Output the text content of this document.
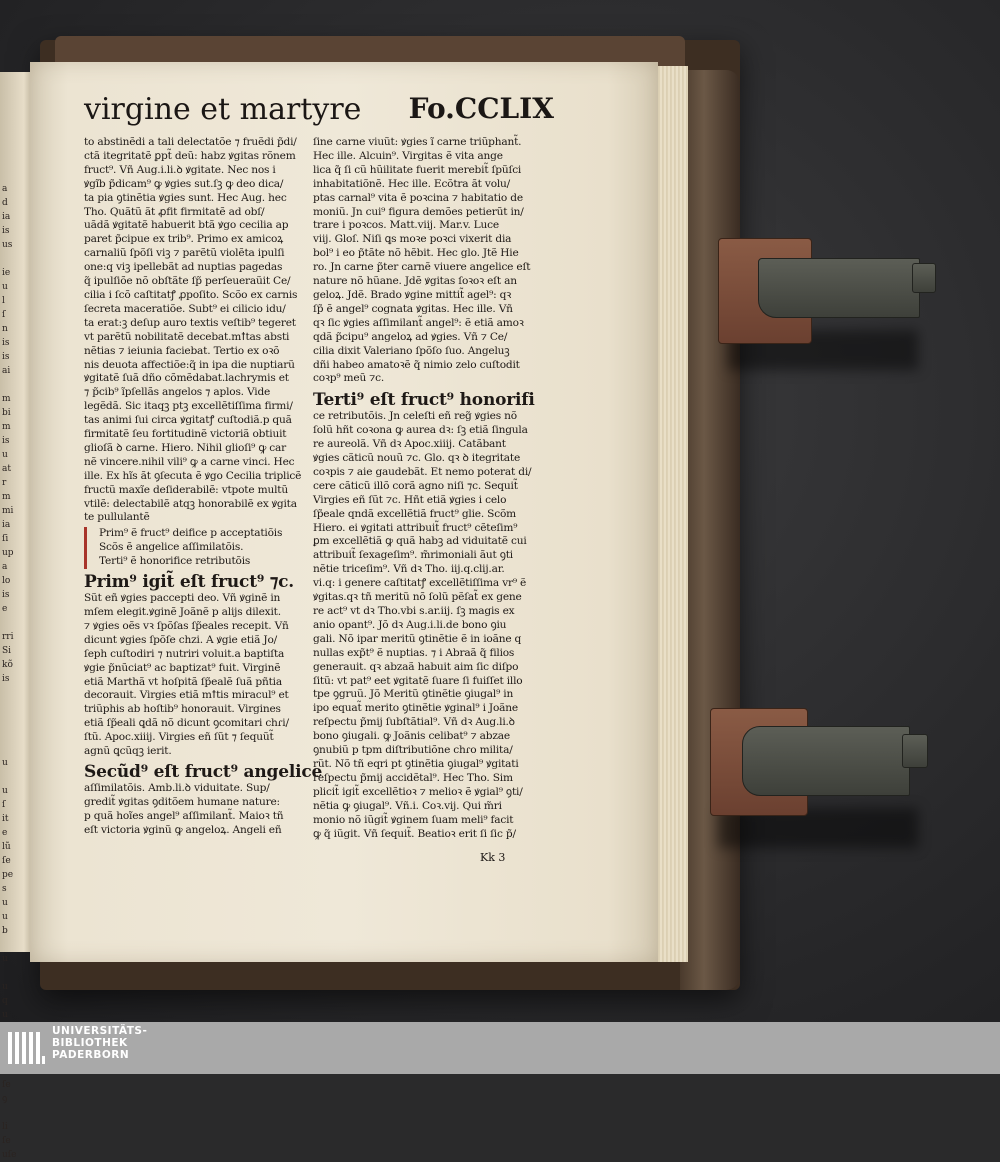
a
d
ia
is
us

ie
u
l
ſ
n
is
is
ai

m
bi
m
is
u
at
r
m
mi
ia
ſi
up
a
lo
is
e

rri
Si
kõ
is

u

u
ſ
it
e
lũ
ſe
pe
s
u
u
b

u

u
q
u

ſe
ꝯ

li
ſe
uſe
virgine et martyre Fo.CCLIX
to abstinẽdi a tali delectatõe ⁊ fruẽdi p̃di/
ctã itegritatẽ ꝑpt̃ deũ: habz ꝟgitas rõnem
fruct⁹. Vñ Aug.i.li.ꝺ ꝟgitate. Nec nos i
ꝟgĩb p̃dicam⁹ ꝙ ꝟgies sut.ſꝫ ꝙ deo dica/
ta pia ꝯtinẽtia ꝟgies sunt. Hec Aug. hec
Tho. Quãtũ ãt ꝓfit firmitatẽ ad obſ/
uãdã ꝟgitatẽ habuerit btã ꝟgo cecilia ap
paret p̃cipue ex trib⁹. Primo ex amicoꝝ
carnaliũ ſpõſi viꝫ ⁊ parẽtũ violẽta ipulſi
one:q viꝫ ipellebãt ad nuptias pagedas
q̃ ipulſiõe nõ obſtãte ſp̃ perſeueraũit Ce/
cilia i ſcõ caſtitatꝭ ꝓpoſito. Scõo ex carnis
ſecreta maceratiõe. Subt⁹ ei cilicio idu/
ta erat:ꝫ deſup auro textis veſtib⁹ tegeret
vt parẽtũ nobilitatẽ decebat.mꝉtas absti
nẽtias ⁊ ieiunia faciebat. Tertio ex oꝛõ
nis deuota affectiõe:q̃ in ipa die nuptiarũ
ꝟgitatẽ ſuã dño cõmẽdabat.lachrymis et
⁊ p̃cib⁹ ĩpſellãs angelos ⁊ aplos. Vide
legẽdã. Sic itaqꝫ ptꝫ excellẽtiſſima firmi/
tas animi ſui circa ꝟgitatꝭ cuſtodiã.p quã
firmitatẽ ſeu fortitudinẽ victoriã obtiuit
glioſã ꝺ carne. Hiero. Nihil glioſi⁹ ꝙ car
nẽ vincere.nihil vili⁹ ꝙ a carne vinci. Hec
ille. Ex hĩs ãt ꝯſecuta ẽ ꝟgo Cecilia triplicẽ
fructũ maxĩe deſiderabilẽ: vtpote multũ
vtilẽ: delectabilẽ atqꝫ honorabilẽ ex ꝟgita
te pullulantẽ
Prim⁹ ẽ fruct⁹ deifice p acceptatiõis
Scõs ẽ angelice aſſimilatõis.
Terti⁹ ẽ honorifice retributõis
Prim⁹ igit̃ eſt fruct⁹ ⁊c.
Sũt eñ ꝟgies paccepti deo. Vñ ꝟginẽ in
mſem elegit.ꝟginẽ Joãnẽ p alijs dilexit.
⁊ ꝟgies oẽs vꝛ ſpõſas ſp̃eales recepit. Vñ
dicunt ꝟgies ſpõſe chzi. A ꝟgie etiã Jo/
ſeph cuſtodiri ⁊ nutriri voluit.a baptiſta
ꝟgie p̃nũciat⁹ ac baptizat⁹ fuit. Virginẽ
etiã Marthã vt hoſpitã ſp̃ealẽ ſuã pñtia
decorauit. Virgies etiã mꝉtis miracul⁹ et
triũphis ab hoſtib⁹ honorauit. Virgines
etiã ſp̃eali ꝗdã nõ dicunt ꝯcomitari chɾi/
ſtũ. Apoc.xiiij. Virgies eñ ſũt ⁊ ſequũt̃
agnũ ꝗcũqꝫ ierit.
Secũd⁹ eſt fruct⁹ angelice
aſſimilatõis. Amb.li.ꝺ viduitate. Sup/
gredit̃ ꝟgitas ꝯditõem humane nature:
p quã hoĩes angel⁹ aſſimilant̃. Maioꝛ tñ
eſt victoria ꝟginũ ꝙ angeloꝝ. Angeli eñ
ſine carne viuũt: ꝟgies ĩ carne triũphant̃.
Hec ille. Alcuin⁹. Virgitas ẽ vita ange
lica q̃ ſi cũ hũilitate fuerit merebit̃ ſpũſci
inhabitatiõnẽ. Hec ille. Ecõtra ãt volu/
ptas carnal⁹ vita ẽ poꝛcina ⁊ habitatio de
moniũ. Jn cui⁹ figura demões petierũt in/
trare i poꝛcos. Matt.viij. Mar.v. Luce
viij. Gloſ. Niſi ꝗs moꝛe poꝛci vixerit dia
bol⁹ i eo p̃tãte nõ hẽbit. Hec glo. Jtẽ Hie
ro. Jn carne p̃ter carnẽ viuere angelice eſt
nature nõ hũane. Jdẽ ꝟgitas ſoꝛoꝛ eſt an
geloꝝ. Jdẽ. Brado ꝟgine mittit̃ agel⁹: qꝛ
ſp̃ ẽ angel⁹ cognata ꝟgitas. Hec ille. Vñ
qꝛ ſic ꝟgies aſſimilant̃ angel⁹: ẽ etiã amoꝛ
qdã p̃cipu⁹ angeloꝝ ad ꝟgies. Vñ ⁊ Ce/
cilia dixit Valeriano ſpõſo ſuo. Angeluꝫ
dñi habeo amatoꝛẽ q̃ nimio zelo cuſtodit
coꝛp⁹ meũ ⁊c.
Terti⁹ eſt fruct⁹ honorifi
ce retributõis. Jn celeſti eñ reg̃ ꝟgies nõ
ſolũ hñt coꝛona ꝙ aurea dꝛ: ſꝫ etiã ſingula
re aureolã. Vñ dꝛ Apoc.xiiij. Catãbant
ꝟgies cãticũ nouũ ⁊c. Glo. qꝛ ꝺ itegritate
coꝛpis ⁊ aie gaudebãt. Et nemo poterat di/
cere cãticũ illõ corã agno niſi ⁊c. Sequit̃
Virgies eñ ſũt ⁊c. Hñt etiã ꝟgies i celo
ſp̃eale qndã excellẽtiã fruct⁹ glie. Scõm
Hiero. ei ꝟgitati attribuit̃ fruct⁹ cẽteſim⁹
ꝑm excellẽtiã ꝙ quã habꝫ ad viduitatẽ cui
attribuit̃ ſexageſim⁹. m̃rimoniali ãut ꝯti
nẽtie triceſim⁹. Vñ dꝛ Tho. iij.q.clij.ar.
vi.q: i genere caſtitatꝭ excellẽtiſſima vr⁹ ẽ
ꝟgitas.qꝛ tñ meritũ nõ ſolũ pẽſat̃ ex gene
re act⁹ vt dꝛ Tho.vbi s.ar.iij. ſꝫ magis ex
anio opant⁹. Jõ dꝛ Aug.i.li.de bono ꝯiu
gali. Nõ ipar meritũ ꝯtinẽtie ẽ in ioãne q
nullas exp̃t⁹ ẽ nuptias. ⁊ i Abraã q̃ filios
generauit. qꝛ abzaã habuit aim ſic diſpo
ſitũ: vt pat⁹ eet ꝟgitatẽ ſuare ſi fuiſſet illo
tpe ꝯgruũ. Jõ Meritũ ꝯtinẽtie ꝯiugal⁹ in
ipo equat̃ merito ꝯtinẽtie ꝟginal⁹ i Joãne
reſpectu p̃mij ſubſtãtial⁹. Vñ dꝛ Aug.li.ꝺ
bono ꝯiugali. ꝙ Joãnis celibat⁹ ⁊ abzae
ꝯnubiũ p tpm diſtributiõne chɾo milita/
rũt. Nõ tñ eqri pt ꝯtinẽtia ꝯiugal⁹ ꝟgitati
reſpectu p̃mij accidẽtal⁹. Hec Tho. Sim
plicit̃ igit̃ excellẽtioꝛ ⁊ melioꝛ ẽ ꝟgial⁹ ꝯti/
nẽtia ꝙ ꝯiugal⁹. Vñ.i. Coꝛ.vij. Qui m̃ri
monio nõ iũgit̃ ꝟginem ſuam meli⁹ facit
ꝙ q̃ iũgit. Vñ ſequit̃. Beatioꝛ erit ſi ſic p̃/
Kk 3
UNIVERSITÄTS-
BIBLIOTHEK
PADERBORN
